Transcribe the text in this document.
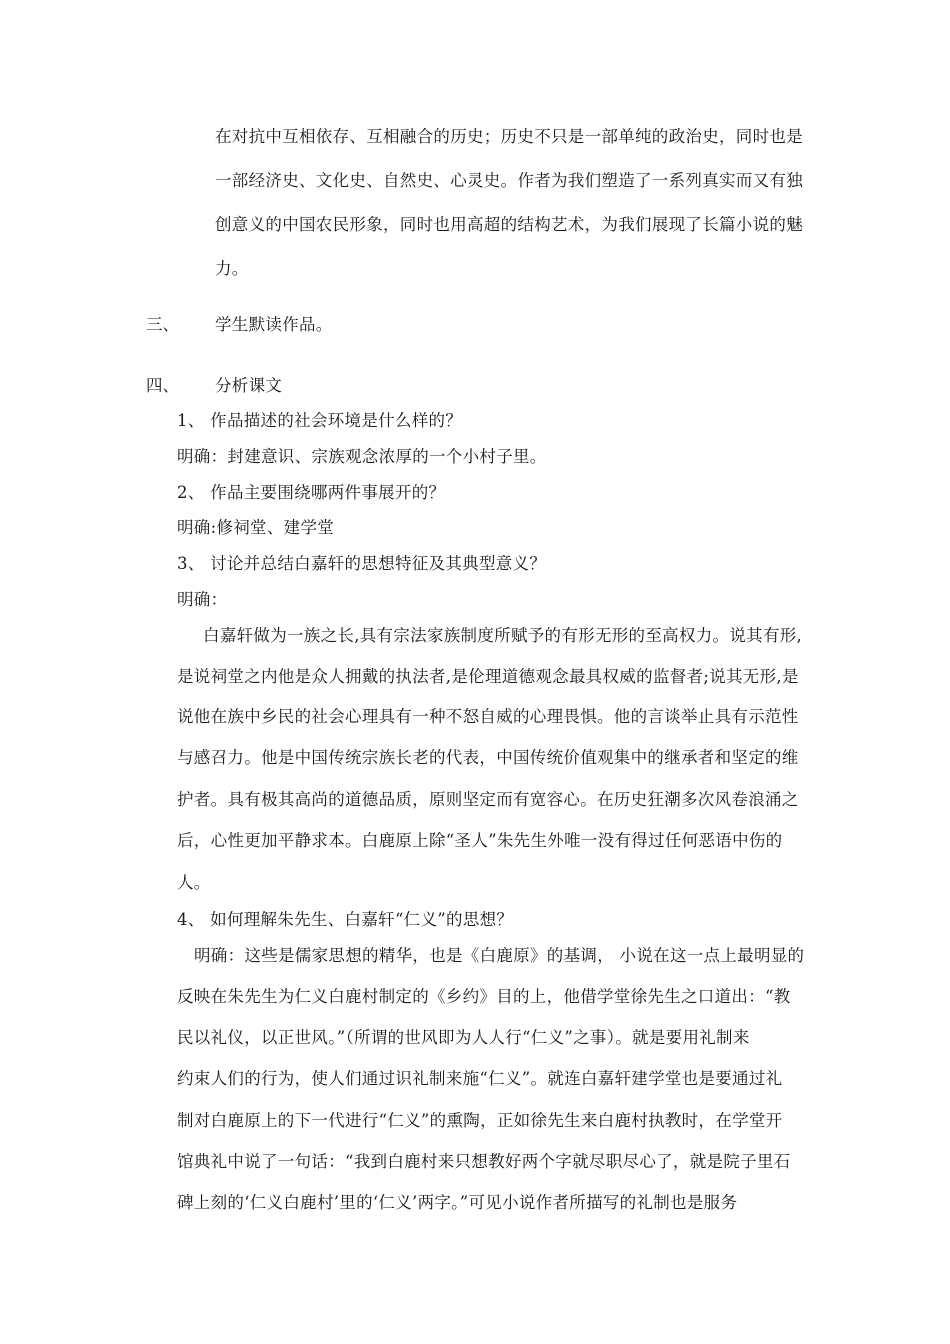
在对抗中互相依存、互相融合的历史；历史不只是一部单纯的政治史，同时也是
一部经济史、文化史、自然史、心灵史。作者为我们塑造了一系列真实而又有独
创意义的中国农民形象，同时也用高超的结构艺术，为我们展现了长篇小说的魅
力。
三、 学生默读作品。
四、 分析课文
1、 作品描述的社会环境是什么样的？
明确：封建意识、宗族观念浓厚的一个小村子里。
2、 作品主要围绕哪两件事展开的？
明确:修祠堂、建学堂
3、 讨论并总结白嘉轩的思想特征及其典型意义？
明确：
白嘉轩做为一族之长,具有宗法家族制度所赋予的有形无形的至高权力。说其有形,
是说祠堂之内他是众人拥戴的执法者,是伦理道德观念最具权威的监督者;说其无形,是
说他在族中乡民的社会心理具有一种不怒自威的心理畏惧。他的言谈举止具有示范性
与感召力。他是中国传统宗族长老的代表，中国传统价值观集中的继承者和坚定的维
护者。具有极其高尚的道德品质，原则坚定而有宽容心。在历史狂潮多次风卷浪涌之
后，心性更加平静求本。白鹿原上除“圣人”朱先生外唯一没有得过任何恶语中伤的
人。
4、 如何理解朱先生、白嘉轩“仁义”的思想？
明确：这些是儒家思想的精华，也是《白鹿原》的基调， 小说在这一点上最明显的
反映在朱先生为仁义白鹿村制定的《乡约》目的上，他借学堂徐先生之口道出：“教
民以礼仪，以正世风。”（所谓的世风即为人人行“仁义”之事）。就是要用礼制来
约束人们的行为，使人们通过识礼制来施“仁义”。就连白嘉轩建学堂也是要通过礼
制对白鹿原上的下一代进行“仁义”的熏陶，正如徐先生来白鹿村执教时，在学堂开
馆典礼中说了一句话：“我到白鹿村来只想教好两个字就尽职尽心了，就是院子里石
碑上刻的‘仁义白鹿村’里的‘仁义’两字。”可见小说作者所描写的礼制也是服务
